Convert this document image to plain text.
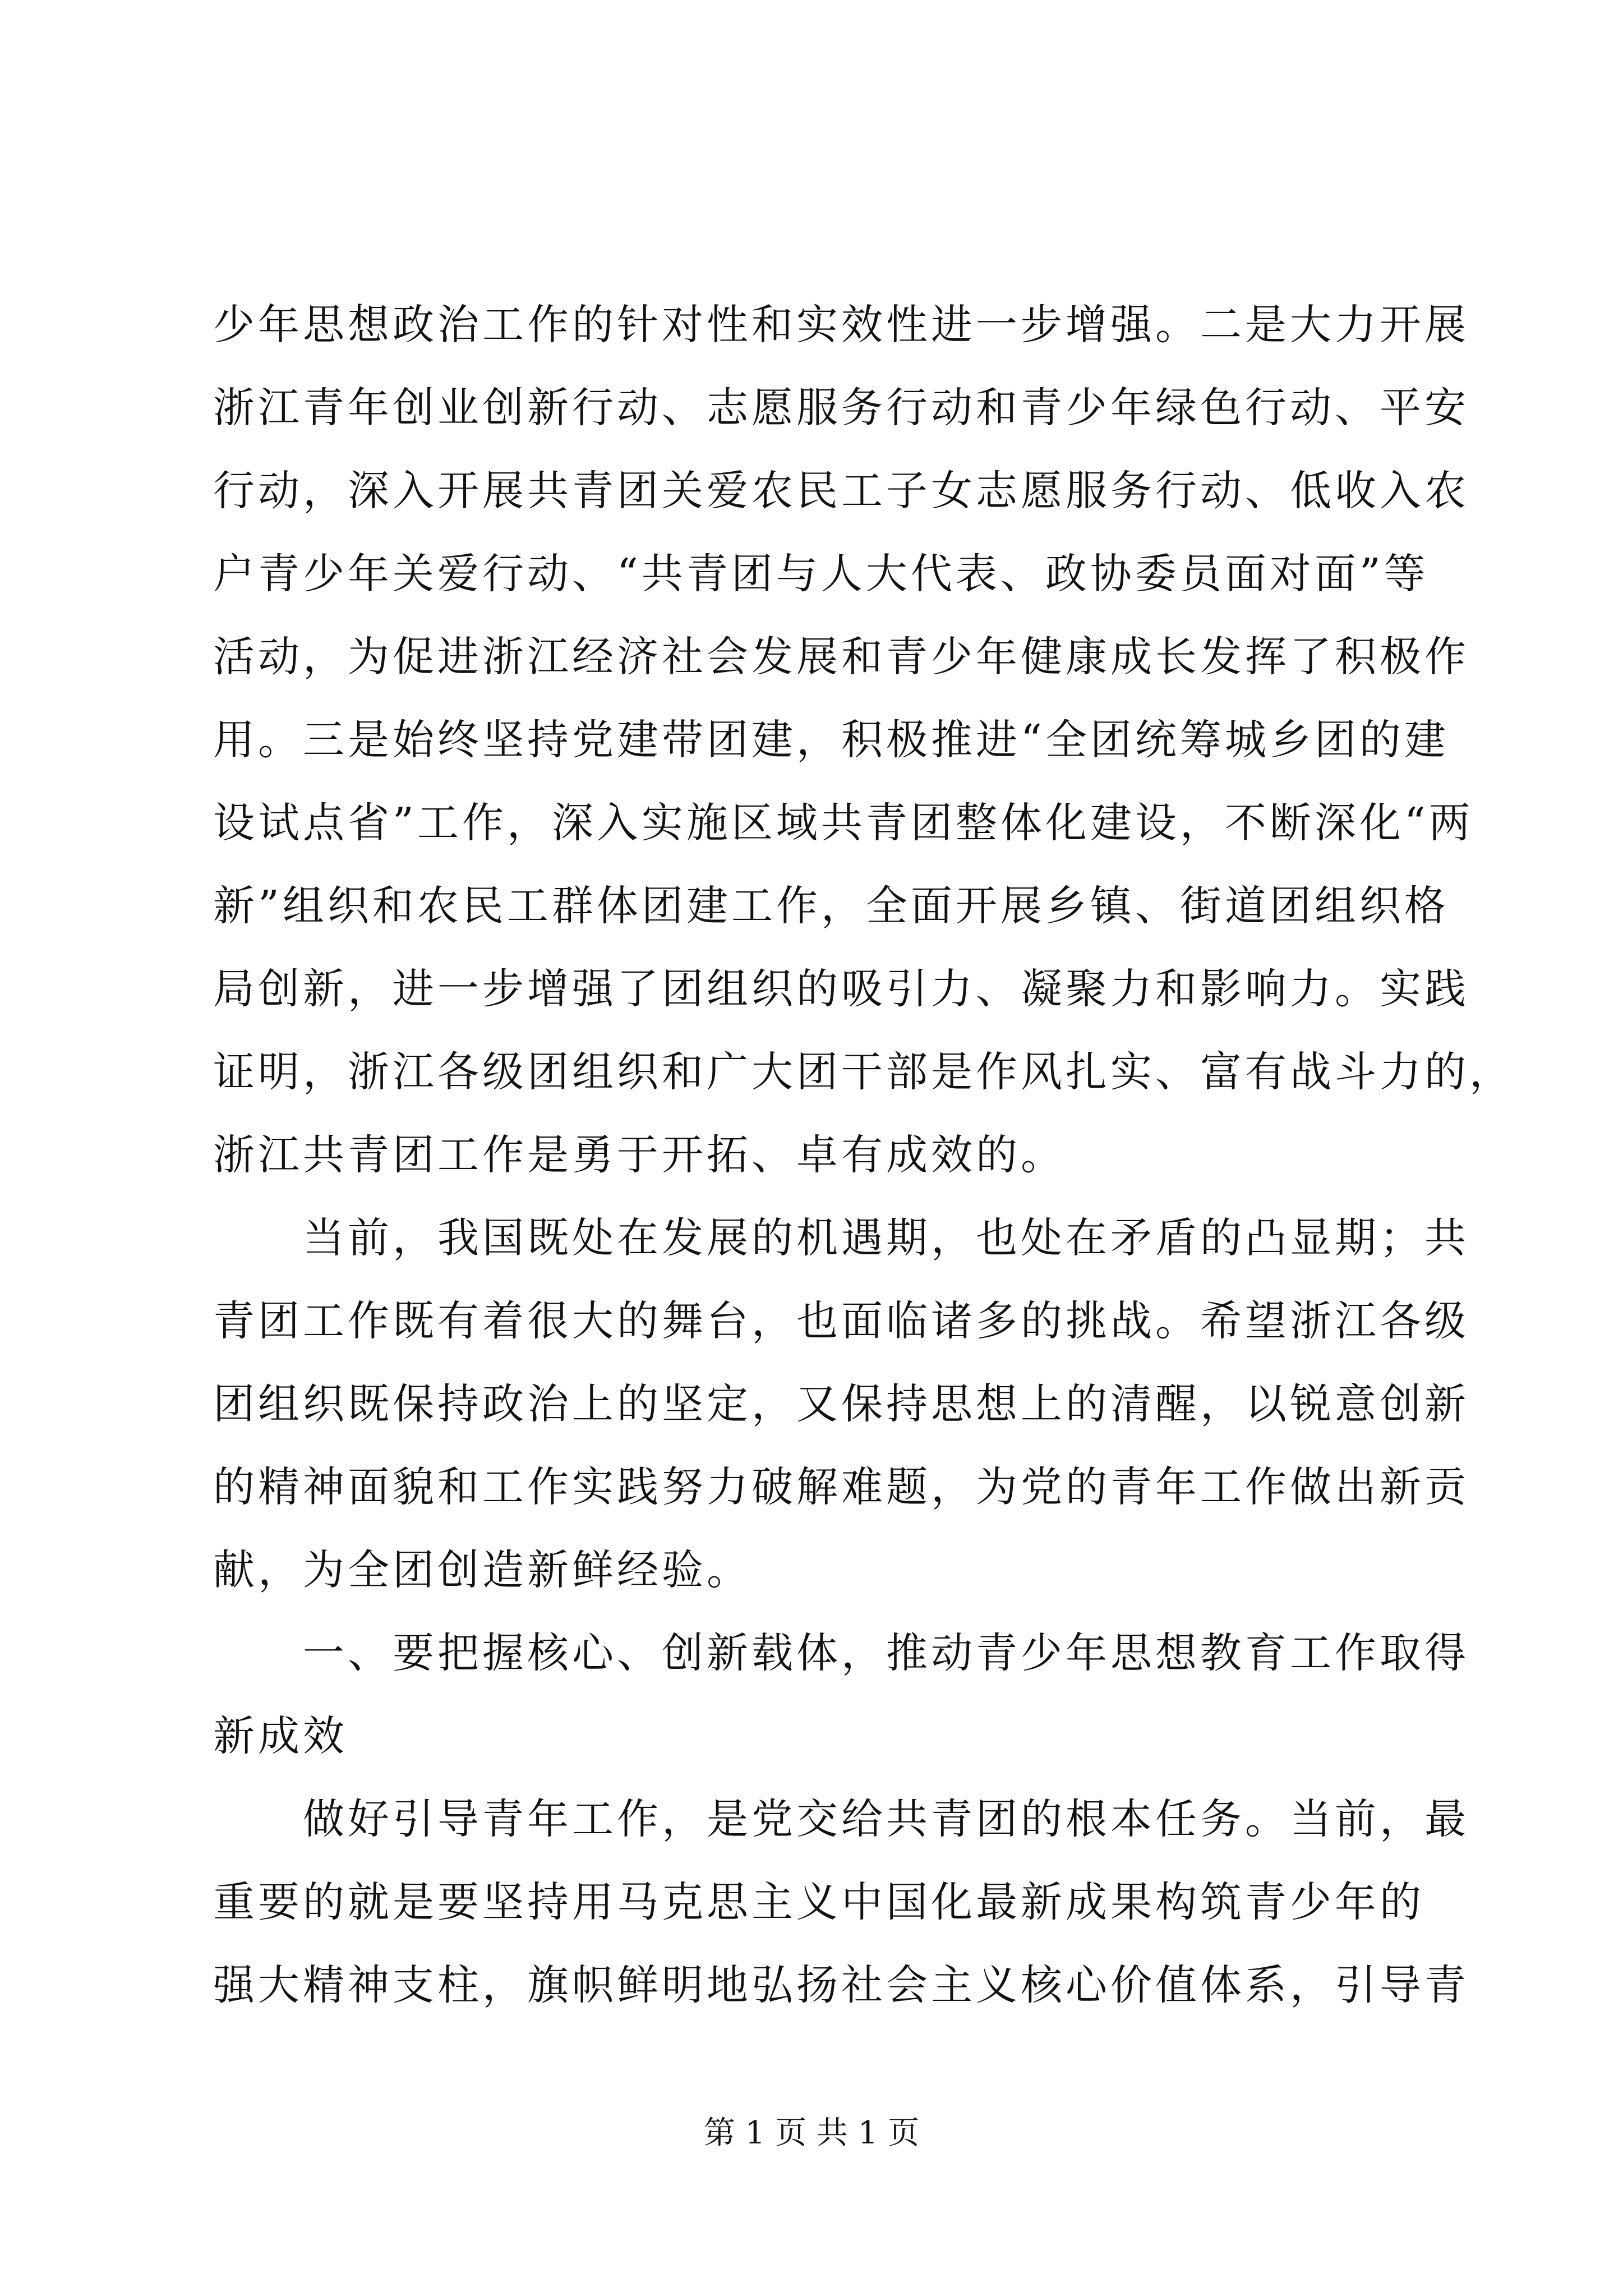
少年思想政治工作的针对性和实效性进一步增强。二是大力开展
浙江青年创业创新行动、志愿服务行动和青少年绿色行动、平安
行动，深入开展共青团关爱农民工子女志愿服务行动、低收入农
户青少年关爱行动、“共青团与人大代表、政协委员面对面”等
活动，为促进浙江经济社会发展和青少年健康成长发挥了积极作
用。三是始终坚持党建带团建，积极推进“全团统筹城乡团的建
设试点省”工作，深入实施区域共青团整体化建设，不断深化“两
新”组织和农民工群体团建工作，全面开展乡镇、街道团组织格
局创新，进一步增强了团组织的吸引力、凝聚力和影响力。实践
证明，浙江各级团组织和广大团干部是作风扎实、富有战斗力的，
浙江共青团工作是勇于开拓、卓有成效的。
当前，我国既处在发展的机遇期，也处在矛盾的凸显期；共
青团工作既有着很大的舞台，也面临诸多的挑战。希望浙江各级
团组织既保持政治上的坚定，又保持思想上的清醒，以锐意创新
的精神面貌和工作实践努力破解难题，为党的青年工作做出新贡
献，为全团创造新鲜经验。
一、要把握核心、创新载体，推动青少年思想教育工作取得
新成效
做好引导青年工作，是党交给共青团的根本任务。当前，最
重要的就是要坚持用马克思主义中国化最新成果构筑青少年的
强大精神支柱，旗帜鲜明地弘扬社会主义核心价值体系，引导青
第 1 页 共 1 页
